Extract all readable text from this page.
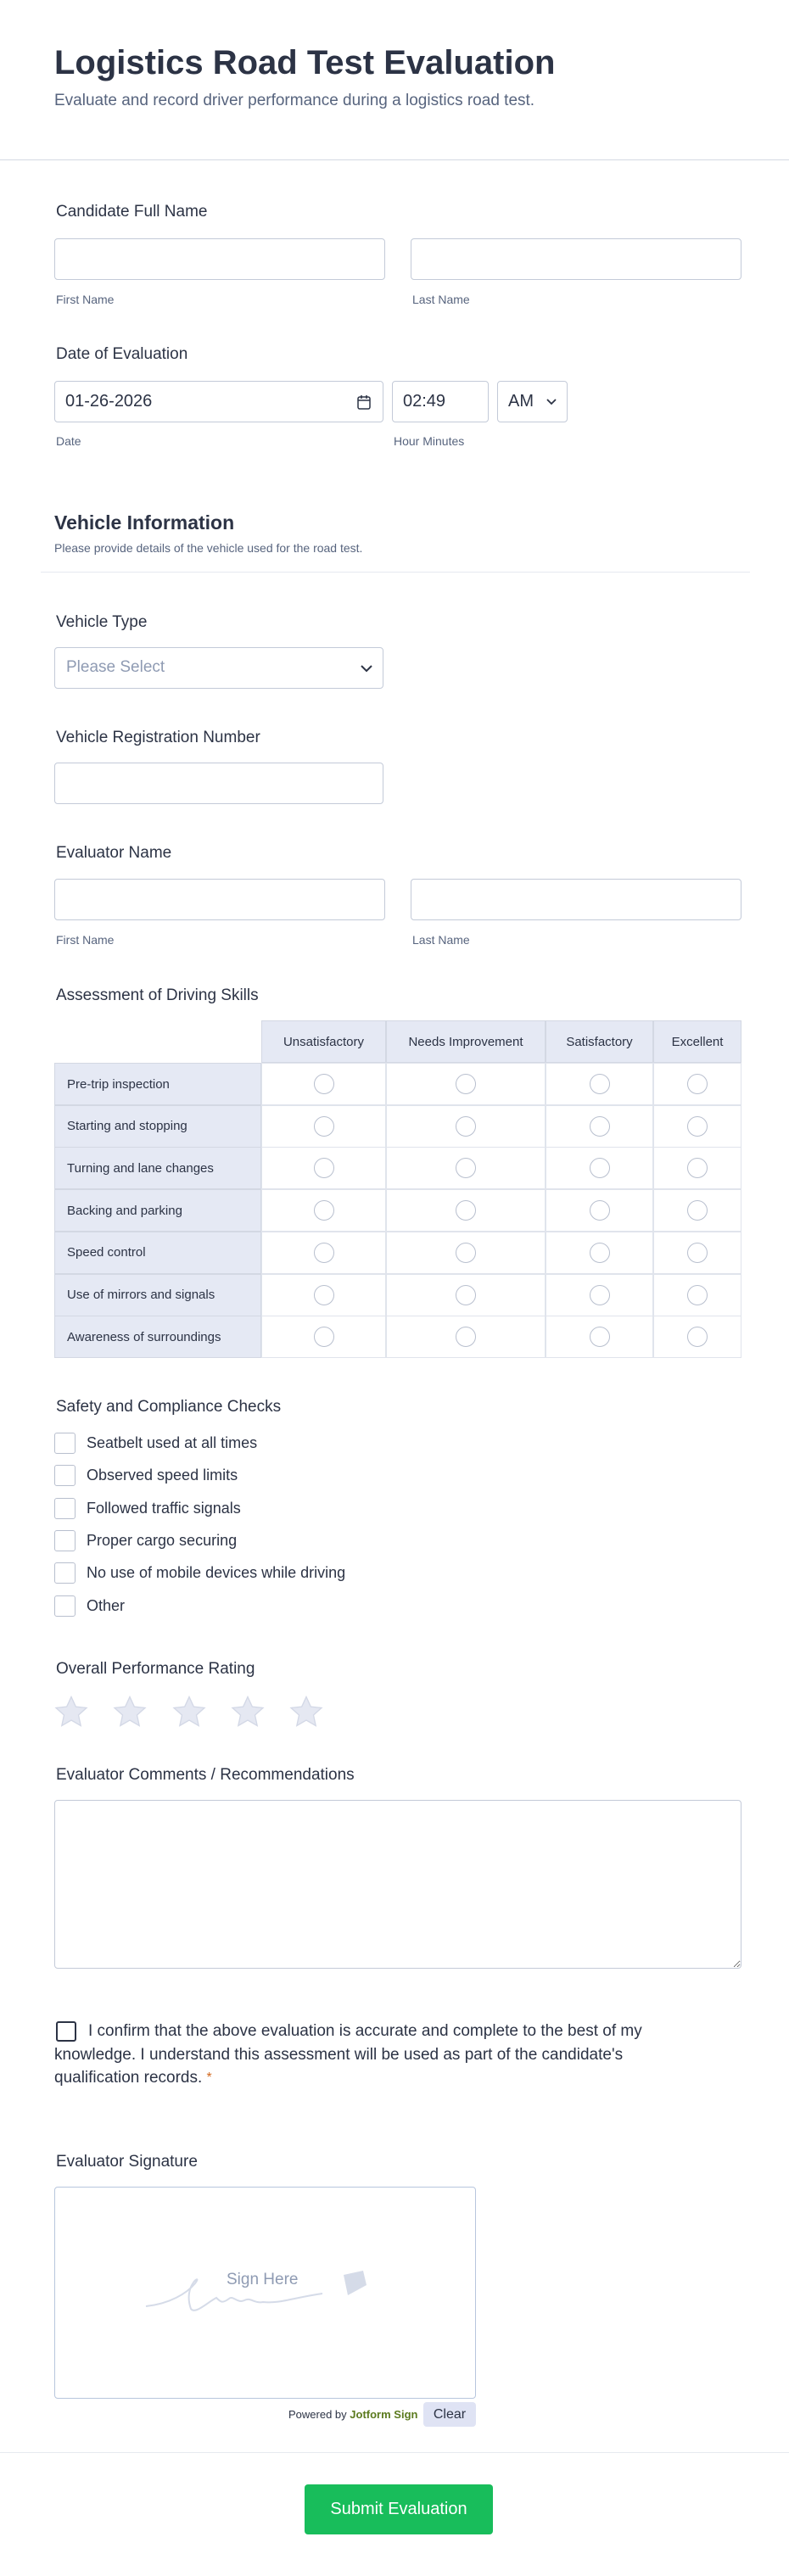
Logistics Road Test Evaluation
Evaluate and record driver performance during a logistics road test.
Candidate Full Name
First Name	Last Name
Date of Evaluation
01-26-2026	02:49	AM
Date	Hour Minutes
Vehicle Information
Please provide details of the vehicle used for the road test.
Vehicle Type
Please Select
Vehicle Registration Number
Evaluator Name
First Name	Last Name
Assessment of Driving Skills
Unsatisfactory	Needs Improvement	Satisfactory	Excellent
Pre-trip inspection
Starting and stopping
Turning and lane changes
Backing and parking
Speed control
Use of mirrors and signals
Awareness of surroundings
Safety and Compliance Checks
Seatbelt used at all times
Observed speed limits
Followed traffic signals
Proper cargo securing
No use of mobile devices while driving
Other
Overall Performance Rating
Evaluator Comments / Recommendations
I confirm that the above evaluation is accurate and complete to the best of my knowledge. I understand this assessment will be used as part of the candidate's qualification records. *
Evaluator Signature
Sign Here
Powered by Jotform Sign	Clear
Submit Evaluation
